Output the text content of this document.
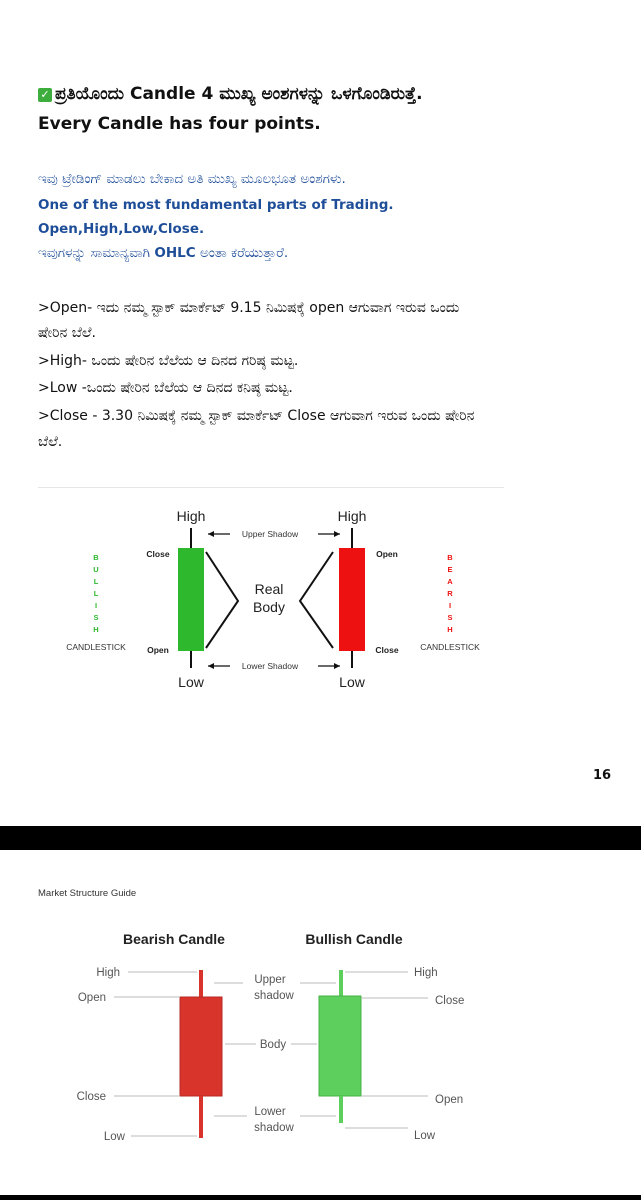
✓ ಪ್ರತಿಯೊಂದು Candle 4 ಮುಖ್ಯ ಅಂಶಗಳನ್ನು ಒಳಗೊಂಡಿರುತ್ತೆ.
Every Candle has four points.
ಇವು ಟ್ರೇಡಿಂಗ್ ಮಾಡಲು ಬೇಕಾದ ಅತಿ ಮುಖ್ಯ ಮೂಲಭೂತ ಅಂಶಗಳು.
One of the most fundamental parts of Trading.
Open,High,Low,Close.
ಇವುಗಳನ್ನು ಸಾಮಾನ್ಯವಾಗಿ OHLC ಅಂತಾ ಕರೆಯುತ್ತಾರೆ.
>Open- ಇದು ನಮ್ಮ ಸ್ಟಾಕ್ ಮಾರ್ಕೆಟ್ 9.15 ನಿಮಿಷಕ್ಕೆ open ಆಗುವಾಗ ಇರುವ ಒಂದು
ಷೇರಿನ ಬೆಲೆ.
>High- ಒಂದು ಷೇರಿನ ಬೆಲೆಯ ಆ ದಿನದ ಗರಿಷ್ಠ ಮಟ್ಟ.
>Low -ಒಂದು ಷೇರಿನ ಬೆಲೆಯ ಆ ದಿನದ ಕನಿಷ್ಠ ಮಟ್ಟ.
>Close - 3.30 ನಿಮಿಷಕ್ಕೆ ನಮ್ಮ ಸ್ಟಾಕ್ ಮಾರ್ಕೆಟ್ Close ಆಗುವಾಗ ಇರುವ ಒಂದು ಷೇರಿನ
ಬೆಲೆ.
B
U
L
L
I
S
H
CANDLESTICK
B
E
A
R
I
S
H
CANDLESTICK
High	High
Upper Shadow
Close
Open
Open
Close
Real
Body
Lower Shadow
Low	Low
16
Market Structure Guide
Bearish Candle	Bullish Candle
High
Open
Close
Low
Upper
shadow
Body
Lower
shadow
High
Close
Open
Low
